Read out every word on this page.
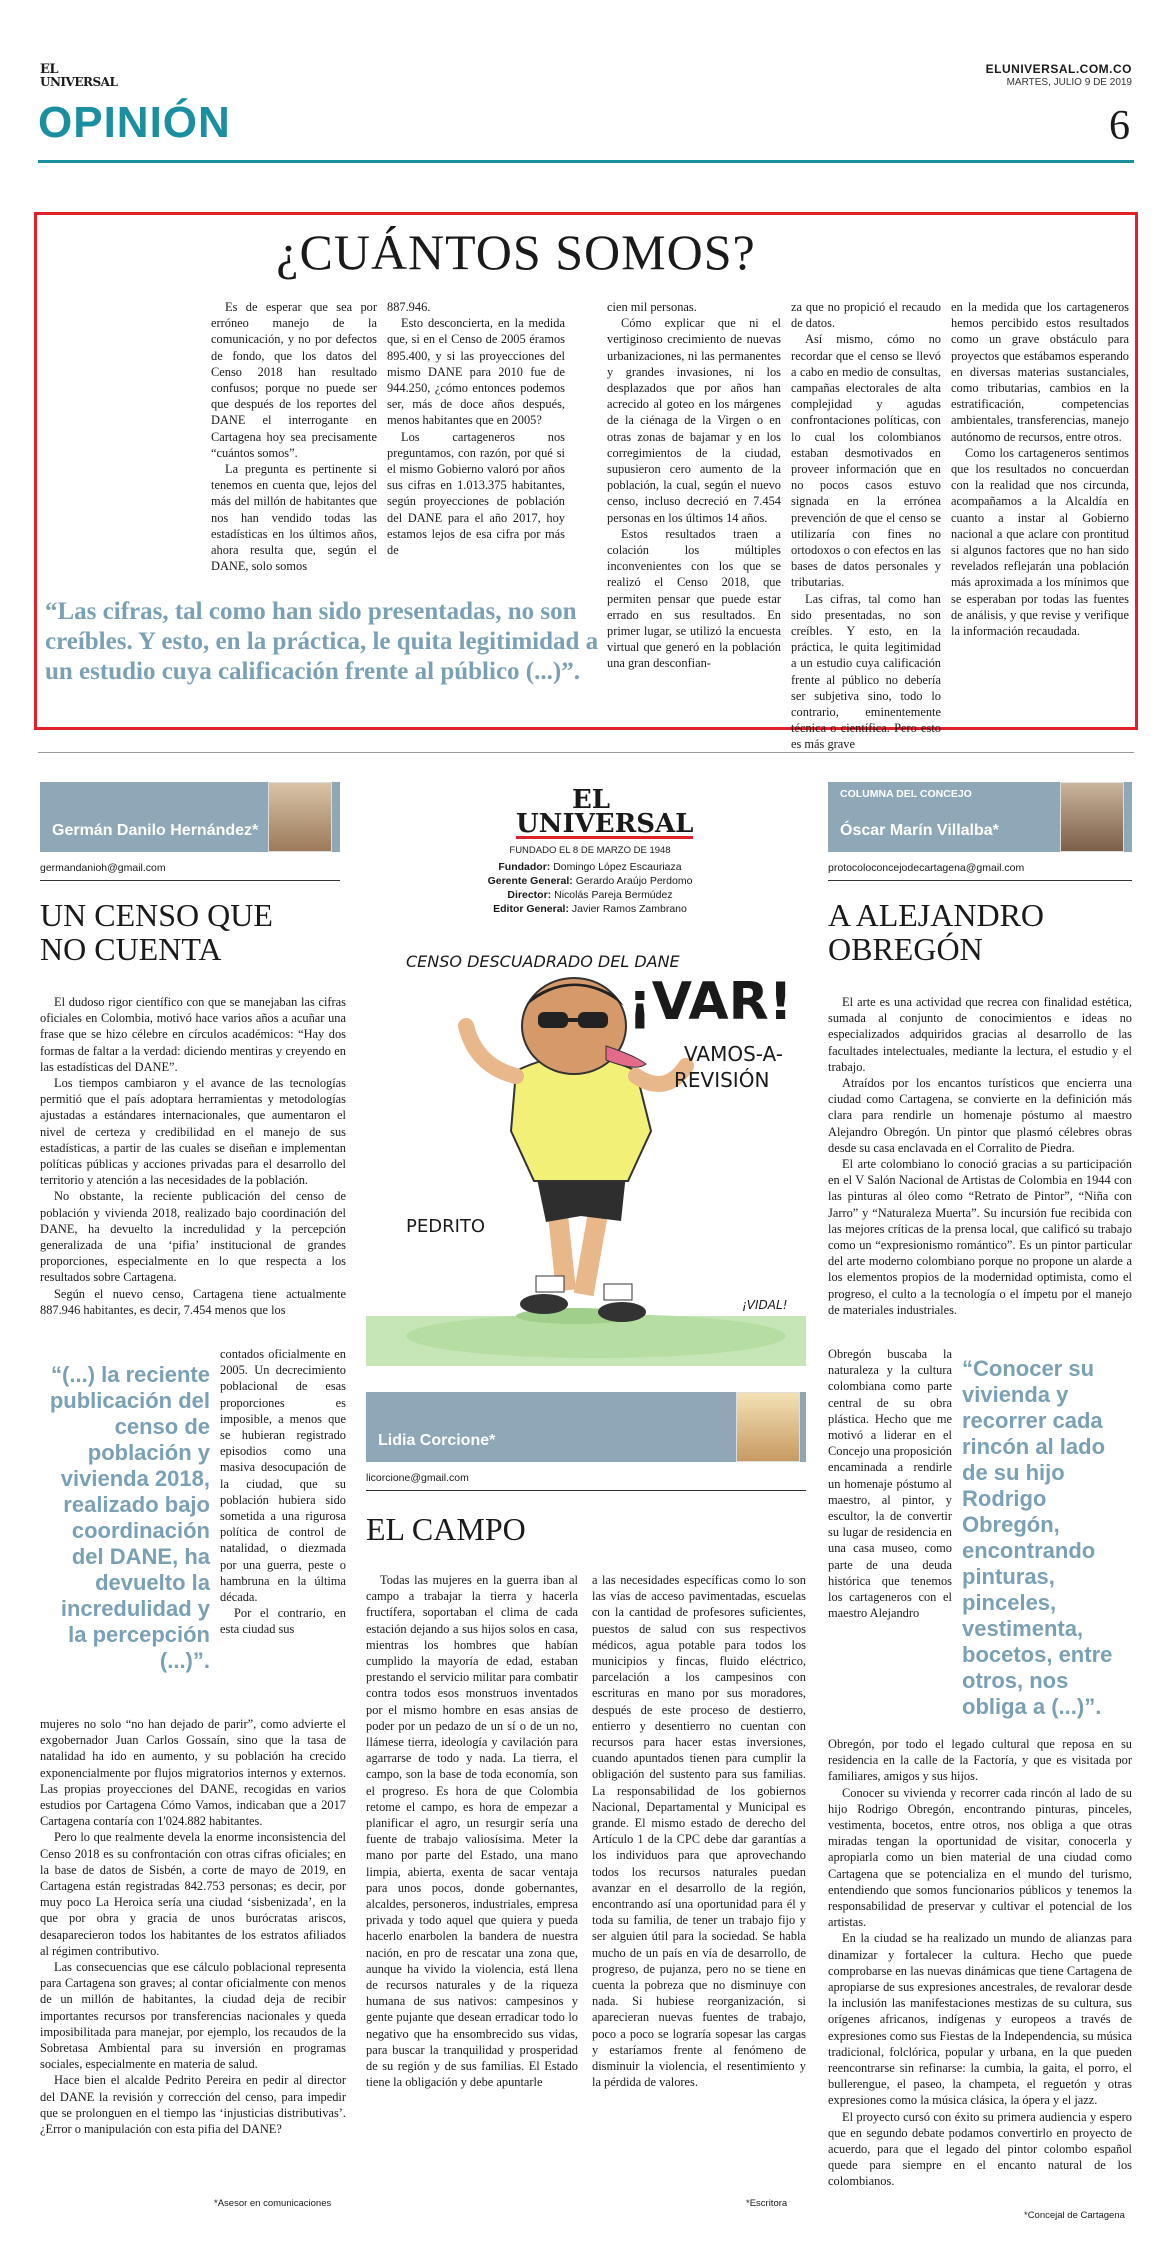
EL
UNIVERSAL
ELUNIVERSAL.COM.CO
MARTES, JULIO 9 DE 2019
OPINIÓN	6
¿CUÁNTOS SOMOS?

Es de esperar que sea por erróneo manejo de la comunicación, y no por defectos de fondo, que los datos del Censo 2018 han resultado confusos; porque no puede ser que después de los reportes del DANE el interrogante en Cartagena hoy sea precisamente “cuántos somos”.

La pregunta es pertinente si tenemos en cuenta que, lejos del más del millón de habitantes que nos han vendido todas las estadísticas en los últimos años, ahora resulta que, según el DANE, solo somos

887.946.

Esto desconcierta, en la medida que, si en el Censo de 2005 éramos 895.400, y si las proyecciones del mismo DANE para 2010 fue de 944.250, ¿cómo entonces podemos ser, más de doce años después, menos habitantes que en 2005?

Los cartageneros nos preguntamos, con razón, por qué si el mismo Gobierno valoró por años sus cifras en 1.013.375 habitantes, según proyecciones de población del DANE para el año 2017, hoy estamos lejos de esa cifra por más de

cien mil personas.

Cómo explicar que ni el vertiginoso crecimiento de nuevas urbanizaciones, ni las permanentes y grandes invasiones, ni los desplazados que por años han acrecido al goteo en los márgenes de la ciénaga de la Virgen o en otras zonas de bajamar y en los corregimientos de la ciudad, supusieron cero aumento de la población, la cual, según el nuevo censo, incluso decreció en 7.454 personas en los últimos 14 años.

Estos resultados traen a colación los múltiples inconvenientes con los que se realizó el Censo 2018, que permiten pensar que puede estar errado en sus resultados. En primer lugar, se utilizó la encuesta virtual que generó en la población una gran desconfian-

za que no propició el recaudo de datos.

Así mismo, cómo no recordar que el censo se llevó a cabo en medio de consultas, campañas electorales de alta complejidad y agudas confrontaciones políticas, con lo cual los colombianos estaban desmotivados en proveer información que en no pocos casos estuvo signada en la errónea prevención de que el censo se utilizaría con fines no ortodoxos o con efectos en las bases de datos personales y tributarias.

Las cifras, tal como han sido presentadas, no son creíbles. Y esto, en la práctica, le quita legitimidad a un estudio cuya calificación frente al público no debería ser subjetiva sino, todo lo contrario, eminentemente técnica o científica. Pero esto es más grave

en la medida que los cartageneros hemos percibido estos resultados como un grave obstáculo para proyectos que estábamos esperando en diversas materias sustanciales, como tributarias, cambios en la estratificación, competencias ambientales, transferencias, manejo autónomo de recursos, entre otros.

Como los cartageneros sentimos que los resultados no concuerdan con la realidad que nos circunda, acompañamos a la Alcaldía en cuanto a instar al Gobierno nacional a que aclare con prontitud si algunos factores que no han sido revelados reflejarán una población más aproximada a los mínimos que se esperaban por todas las fuentes de análisis, y que revise y verifique la información recaudada.

“Las cifras, tal como han sido presentadas, no son creíbles. Y esto, en la práctica, le quita legitimidad a un estudio cuya calificación frente al público (...)”.
Germán Danilo Hernández*
germandanioh@gmail.com
UN CENSO QUE
NO CUENTA

El dudoso rigor científico con que se manejaban las cifras oficiales en Colombia, motivó hace varios años a acuñar una frase que se hizo célebre en círculos académicos: “Hay dos formas de faltar a la verdad: diciendo mentiras y creyendo en las estadísticas del DANE”.

Los tiempos cambiaron y el avance de las tecnologías permitió que el país adoptara herramientas y metodologías ajustadas a estándares internacionales, que aumentaron el nivel de certeza y credibilidad en el manejo de sus estadísticas, a partir de las cuales se diseñan e implementan políticas públicas y acciones privadas para el desarrollo del territorio y atención a las necesidades de la población.

No obstante, la reciente publicación del censo de población y vivienda 2018, realizado bajo coordinación del DANE, ha devuelto la incredulidad y la percepción generalizada de una ‘pifia’ institucional de grandes proporciones, especialmente en lo que respecta a los resultados sobre Cartagena.

Según el nuevo censo, Cartagena tiene actualmente 887.946 habitantes, es decir, 7.454 menos que los

“(...) la reciente publicación del censo de población y vivienda 2018, realizado bajo coordinación del DANE, ha devuelto la incredulidad y la percepción (...)”.

contados oficialmente en 2005. Un decrecimiento poblacional de esas proporciones es imposible, a menos que se hubieran registrado episodios como una masiva desocupación de la ciudad, que su población hubiera sido sometida a una rigurosa política de control de natalidad, o diezmada por una guerra, peste o hambruna en la última década.

Por el contrario, en esta ciudad sus

mujeres no solo “no han dejado de parir”, como advierte el exgobernador Juan Carlos Gossaín, sino que la tasa de natalidad ha ido en aumento, y su población ha crecido exponencialmente por flujos migratorios internos y externos. Las propias proyecciones del DANE, recogidas en varios estudios por Cartagena Cómo Vamos, indicaban que a 2017 Cartagena contaría con 1'024.882 habitantes.

Pero lo que realmente devela la enorme inconsistencia del Censo 2018 es su confrontación con otras cifras oficiales; en la base de datos de Sisbén, a corte de mayo de 2019, en Cartagena están registradas 842.753 personas; es decir, por muy poco La Heroica sería una ciudad ‘sisbenizada’, en la que por obra y gracia de unos burócratas ariscos, desaparecieron todos los habitantes de los estratos afiliados al régimen contributivo.

Las consecuencias que ese cálculo poblacional representa para Cartagena son graves; al contar oficialmente con menos de un millón de habitantes, la ciudad deja de recibir importantes recursos por transferencias nacionales y queda imposibilitada para manejar, por ejemplo, los recaudos de la Sobretasa Ambiental para su inversión en programas sociales, especialmente en materia de salud.

Hace bien el alcalde Pedrito Pereira en pedir al director del DANE la revisión y corrección del censo, para impedir que se prolonguen en el tiempo las ‘injusticias distributivas’. ¿Error o manipulación con esta pifia del DANE?

*Asesor en comunicaciones
EL
UNIVERSAL
FUNDADO EL 8 DE MARZO DE 1948
Fundador: Domingo López Escauriaza
Gerente General: Gerardo Araújo Perdomo
Director: Nicolás Pareja Bermúdez
Editor General: Javier Ramos Zambrano
CENSO DESCUADRADO DEL DANE
¡VAR!
VAMOS-A-
REVISIÓN
PEDRITO
¡VIDAL!
Lidia Corcione*
licorcione@gmail.com
EL CAMPO

Todas las mujeres en la guerra iban al campo a trabajar la tierra y hacerla fructífera, soportaban el clima de cada estación dejando a sus hijos solos en casa, mientras los hombres que habían cumplido la mayoría de edad, estaban prestando el servicio militar para combatir contra todos esos monstruos inventados por el mismo hombre en esas ansias de poder por un pedazo de un sí o de un no, llámese tierra, ideología y cavilación para agarrarse de todo y nada. La tierra, el campo, son la base de toda economía, son el progreso. Es hora de que Colombia retome el campo, es hora de empezar a planificar el agro, un resurgir sería una fuente de trabajo valiosísima. Meter la mano por parte del Estado, una mano limpia, abierta, exenta de sacar ventaja para unos pocos, donde gobernantes, alcaldes, personeros, industriales, empresa privada y todo aquel que quiera y pueda hacerlo enarbolen la bandera de nuestra nación, en pro de rescatar una zona que, aunque ha vivido la violencia, está llena de recursos naturales y de la riqueza humana de sus nativos: campesinos y gente pujante que desean erradicar todo lo negativo que ha ensombrecido sus vidas, para buscar la tranquilidad y prosperidad de su región y de sus familias. El Estado tiene la obligación y debe apuntarle

a las necesidades específicas como lo son las vías de acceso pavimentadas, escuelas con la cantidad de profesores suficientes, puestos de salud con sus respectivos médicos, agua potable para todos los municipios y fincas, fluido eléctrico, parcelación a los campesinos con escrituras en mano por sus moradores, después de este proceso de destierro, entierro y desentierro no cuentan con recursos para hacer estas inversiones, cuando apuntados tienen para cumplir la obligación del sustento para sus familias. La responsabilidad de los gobiernos Nacional, Departamental y Municipal es grande. El mismo estado de derecho del Artículo 1 de la CPC debe dar garantías a los individuos para que aprovechando todos los recursos naturales puedan avanzar en el desarrollo de la región, encontrando así una oportunidad para él y toda su familia, de tener un trabajo fijo y ser alguien útil para la sociedad. Se habla mucho de un país en vía de desarrollo, de progreso, de pujanza, pero no se tiene en cuenta la pobreza que no disminuye con nada. Si hubiese reorganización, si aparecieran nuevas fuentes de trabajo, poco a poco se lograría sopesar las cargas y estaríamos frente al fenómeno de disminuir la violencia, el resentimiento y la pérdida de valores.

*Escritora
COLUMNA DEL CONCEJO
Óscar Marín Villalba*
protocoloconcejodecartagena@gmail.com
A ALEJANDRO
OBREGÓN

El arte es una actividad que recrea con finalidad estética, sumada al conjunto de conocimientos e ideas no especializados adquiridos gracias al desarrollo de las facultades intelectuales, mediante la lectura, el estudio y el trabajo.

Atraídos por los encantos turísticos que encierra una ciudad como Cartagena, se convierte en la definición más clara para rendirle un homenaje póstumo al maestro Alejandro Obregón. Un pintor que plasmó célebres obras desde su casa enclavada en el Corralito de Piedra.

El arte colombiano lo conoció gracias a su participación en el V Salón Nacional de Artistas de Colombia en 1944 con las pinturas al óleo como “Retrato de Pintor”, “Niña con Jarro” y “Naturaleza Muerta”. Su incursión fue recibida con las mejores críticas de la prensa local, que calificó su trabajo como un “expresionismo romántico”. Es un pintor particular del arte moderno colombiano porque no propone un alarde a los elementos propios de la modernidad optimista, como el progreso, el culto a la tecnología o el ímpetu por el manejo de materiales industriales.

Obregón buscaba la naturaleza y la cultura colombiana como parte central de su obra plástica. Hecho que me motivó a liderar en el Concejo una proposición encaminada a rendirle un homenaje póstumo al maestro, al pintor, y escultor, la de convertir su lugar de residencia en una casa museo, como parte de una deuda histórica que tenemos los cartageneros con el maestro Alejandro

“Conocer su vivienda y recorrer cada rincón al lado de su hijo Rodrigo Obregón, encontrando pinturas, pinceles, vestimenta, bocetos, entre otros, nos obliga a (...)”.

Obregón, por todo el legado cultural que reposa en su residencia en la calle de la Factoría, y que es visitada por familiares, amigos y sus hijos.

Conocer su vivienda y recorrer cada rincón al lado de su hijo Rodrigo Obregón, encontrando pinturas, pinceles, vestimenta, bocetos, entre otros, nos obliga a que otras miradas tengan la oportunidad de visitar, conocerla y apropiarla como un bien material de una ciudad como Cartagena que se potencializa en el mundo del turismo, entendiendo que somos funcionarios públicos y tenemos la responsabilidad de preservar y cultivar el potencial de los artistas.

En la ciudad se ha realizado un mundo de alianzas para dinamizar y fortalecer la cultura. Hecho que puede comprobarse en las nuevas dinámicas que tiene Cartagena de apropiarse de sus expresiones ancestrales, de revalorar desde la inclusión las manifestaciones mestizas de su cultura, sus orígenes africanos, indígenas y europeos a través de expresiones como sus Fiestas de la Independencia, su música tradicional, folclórica, popular y urbana, en la que pueden reencontrarse sin refinarse: la cumbia, la gaita, el porro, el bullerengue, el paseo, la champeta, el reguetón y otras expresiones como la música clásica, la ópera y el jazz.

El proyecto cursó con éxito su primera audiencia y espero que en segundo debate podamos convertirlo en proyecto de acuerdo, para que el legado del pintor colombo español quede para siempre en el encanto natural de los colombianos.

*Concejal de Cartagena
